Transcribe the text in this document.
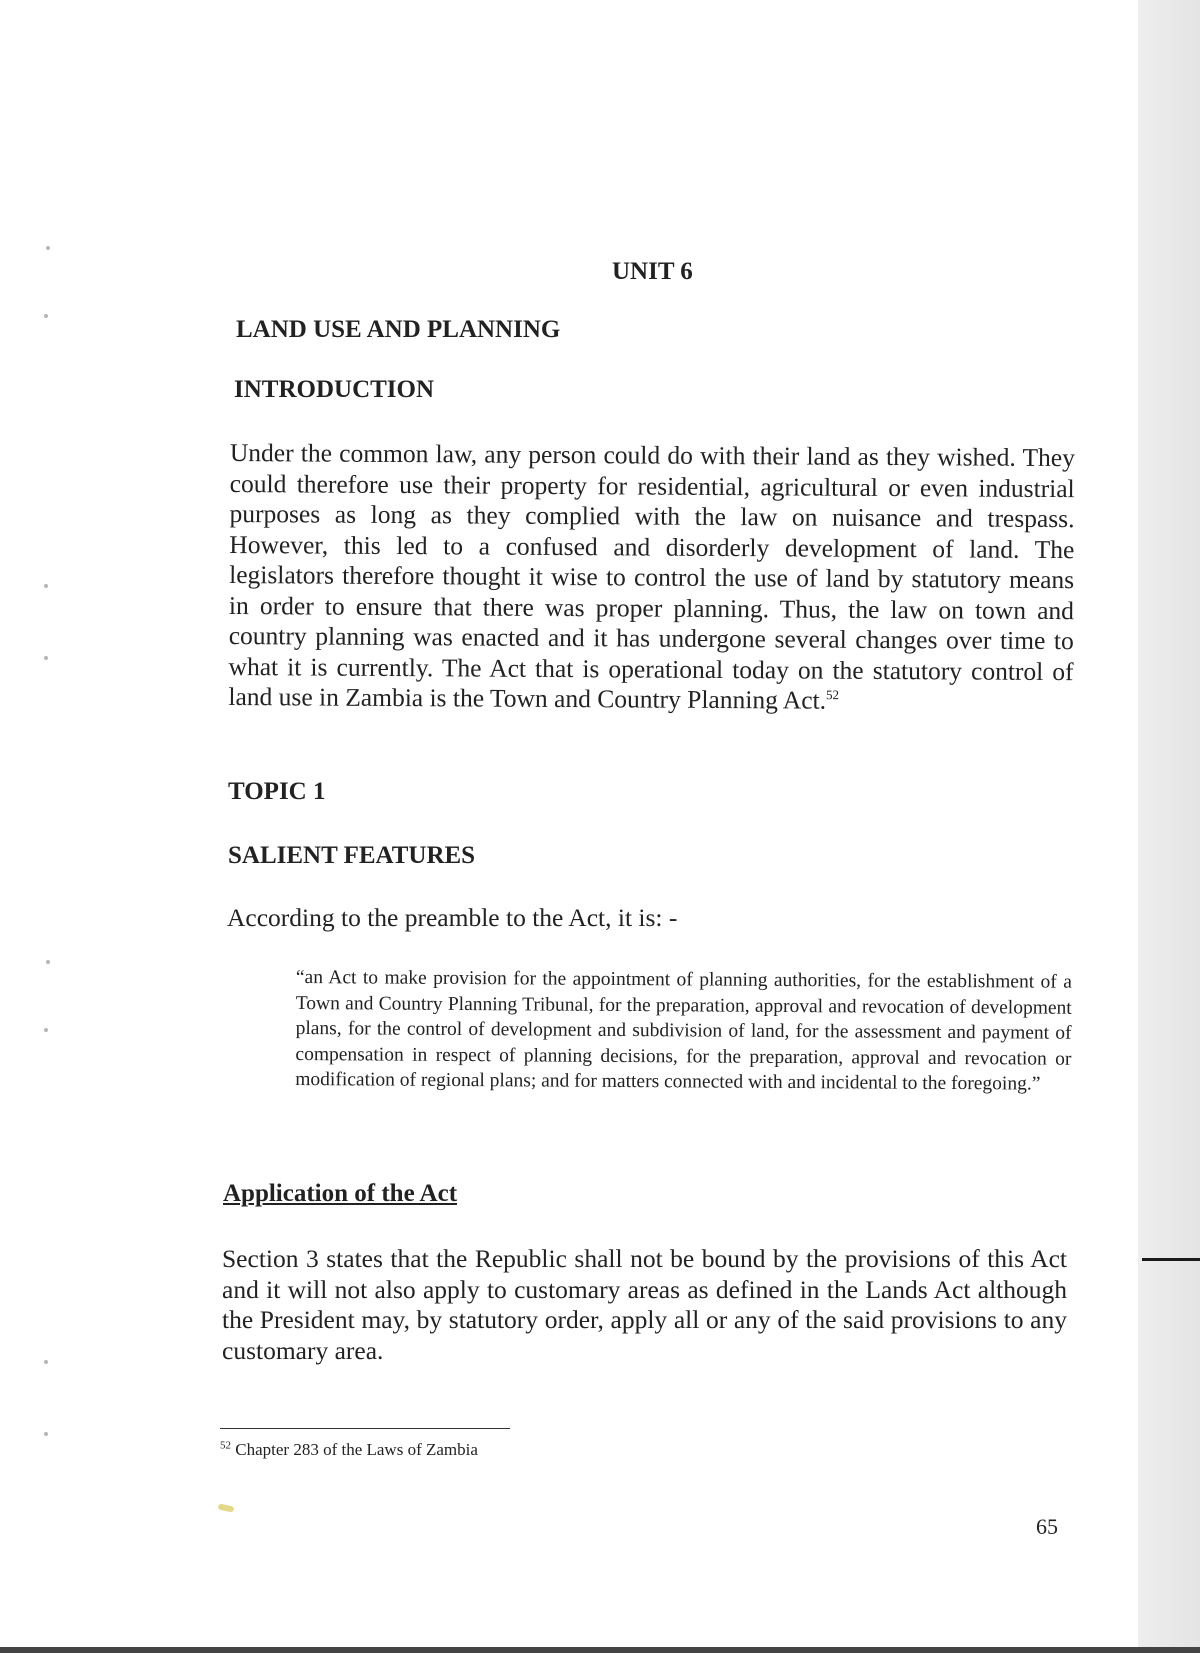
UNIT 6
LAND USE AND PLANNING
INTRODUCTION

Under the common law, any person could do with their land as they wished. They could therefore use their property for residential, agricultural or even industrial purposes as long as they complied with the law on nuisance and trespass. However, this led to a confused and disorderly development of land. The legislators therefore thought it wise to control the use of land by statutory means in order to ensure that there was proper planning. Thus, the law on town and country planning was enacted and it has undergone several changes over time to what it is currently. The Act that is operational today on the statutory control of land use in Zambia is the Town and Country Planning Act.$^{52}$

TOPIC 1
SALIENT FEATURES

According to the preamble to the Act, it is: -

“an Act to make provision for the appointment of planning authorities, for the establishment of a Town and Country Planning Tribunal, for the preparation, approval and revocation of development plans, for the control of development and subdivision of land, for the assessment and payment of compensation in respect of planning decisions, for the preparation, approval and revocation or modification of regional plans; and for matters connected with and incidental to the foregoing.”

Application of the Act

Section 3 states that the Republic shall not be bound by the provisions of this Act and it will not also apply to customary areas as defined in the Lands Act although the President may, by statutory order, apply all or any of the said provisions to any customary area.

$^{52}$ Chapter 283 of the Laws of Zambia
65
